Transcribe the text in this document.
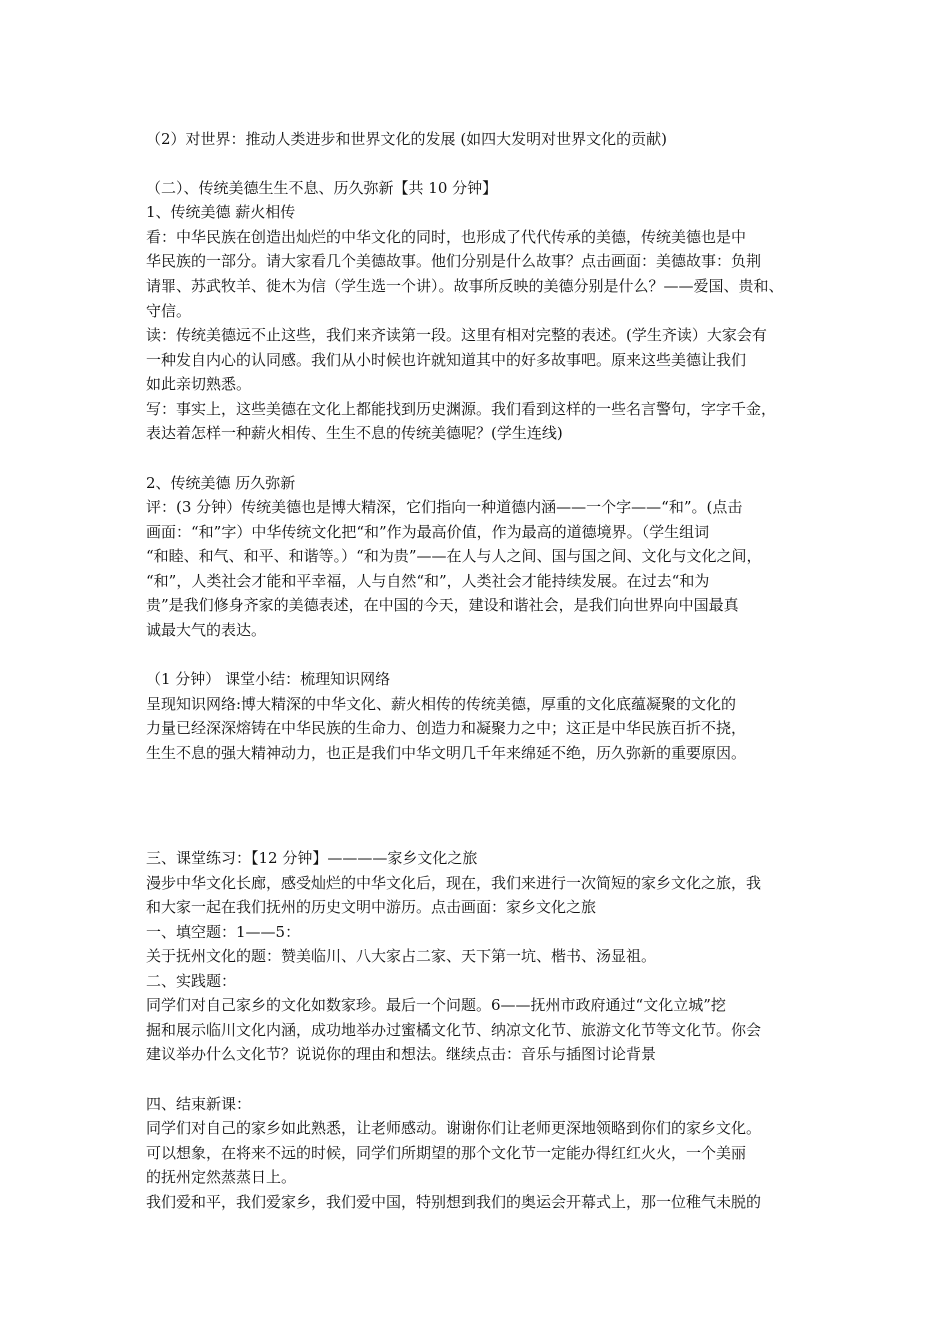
（2）对世界：推动人类进步和世界文化的发展 (如四大发明对世界文化的贡献)
（二）、传统美德生生不息、历久弥新【共 10 分钟】
1、传统美德 薪火相传
看：中华民族在创造出灿烂的中华文化的同时，也形成了代代传承的美德，传统美德也是中
华民族的一部分。请大家看几个美德故事。他们分别是什么故事？点击画面：美德故事：负荆
请罪、苏武牧羊、徙木为信（学生选一个讲）。故事所反映的美德分别是什么？——爱国、贵和、
守信。
读：传统美德远不止这些，我们来齐读第一段。这里有相对完整的表述。(学生齐读）大家会有
一种发自内心的认同感。我们从小时候也许就知道其中的好多故事吧。原来这些美德让我们
如此亲切熟悉。
写：事实上，这些美德在文化上都能找到历史渊源。我们看到这样的一些名言警句，字字千金，
表达着怎样一种薪火相传、生生不息的传统美德呢？(学生连线)
2、传统美德 历久弥新
评：(3 分钟）传统美德也是博大精深，它们指向一种道德内涵——一个字——“和”。(点击
画面：“和”字）中华传统文化把“和”作为最高价值，作为最高的道德境界。（学生组词
“和睦、和气、和平、和谐等。）“和为贵”——在人与人之间、国与国之间、文化与文化之间，
“和”，人类社会才能和平幸福，人与自然“和”，人类社会才能持续发展。在过去“和为
贵”是我们修身齐家的美德表述，在中国的今天，建设和谐社会，是我们向世界向中国最真
诚最大气的表达。
（1 分钟） 课堂小结：梳理知识网络
呈现知识网络:博大精深的中华文化、薪火相传的传统美德，厚重的文化底蕴凝聚的文化的
力量已经深深熔铸在中华民族的生命力、创造力和凝聚力之中；这正是中华民族百折不挠，
生生不息的强大精神动力，也正是我们中华文明几千年来绵延不绝，历久弥新的重要原因。
三、课堂练习：【12 分钟】————家乡文化之旅
漫步中华文化长廊，感受灿烂的中华文化后，现在，我们来进行一次简短的家乡文化之旅，我
和大家一起在我们抚州的历史文明中游历。点击画面：家乡文化之旅
一、填空题：1——5：
关于抚州文化的题：赞美临川、八大家占二家、天下第一坑、楷书、汤显祖。
二、实践题：
同学们对自己家乡的文化如数家珍。最后一个问题。6——抚州市政府通过“文化立城”挖
掘和展示临川文化内涵，成功地举办过蜜橘文化节、纳凉文化节、旅游文化节等文化节。你会
建议举办什么文化节？说说你的理由和想法。继续点击：音乐与插图讨论背景
四、结束新课：
同学们对自己的家乡如此熟悉，让老师感动。谢谢你们让老师更深地领略到你们的家乡文化。
可以想象，在将来不远的时候，同学们所期望的那个文化节一定能办得红红火火，一个美丽
的抚州定然蒸蒸日上。
我们爱和平，我们爱家乡，我们爱中国，特别想到我们的奥运会开幕式上，那一位稚气未脱的
